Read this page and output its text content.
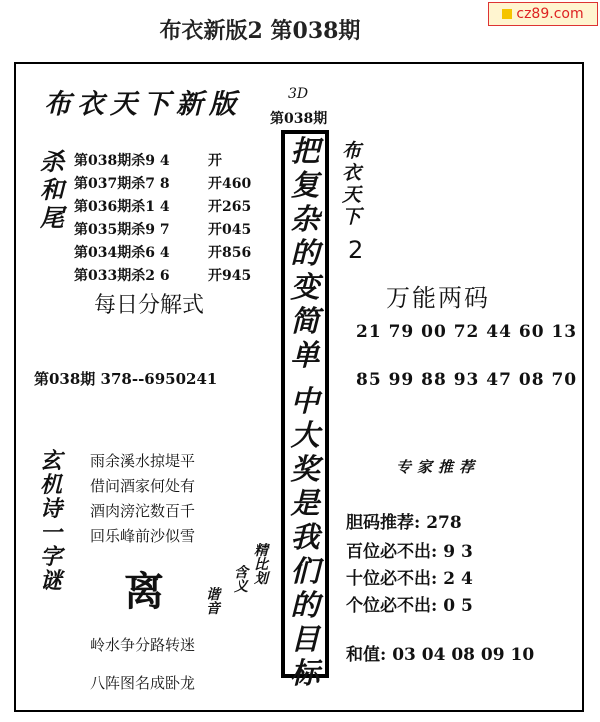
布衣新版2 第038期
cz89.com
布衣天下新版	3D
第038期
杀
和
尾
第038期杀9 4	开
第037期杀7 8	开460
第036期杀1 4	开265
第035期杀9 7	开045
第034期杀6 4	开856
第033期杀2 6	开945
每日分解式
第038期 378--6950241
把
复
杂
的
变
简
单
中
大
奖
是
我
们
的
目
标
布
衣
天
下
2
万能两码
21 79 00 72 44 60 13
85 99 88 93 47 08 70
玄
机
诗
一
字
谜
雨余溪水掠堤平
借问酒家何处有
酒肉滂沱数百千
回乐峰前沙似雪
离
精
比
划
含
义
谐
音
岭水争分路转迷
八阵图名成卧龙
专家推荐
胆码推荐: 278
百位必不出: 9 3
十位必不出: 2 4
个位必不出: 0 5
和值: 03 04 08 09 10
